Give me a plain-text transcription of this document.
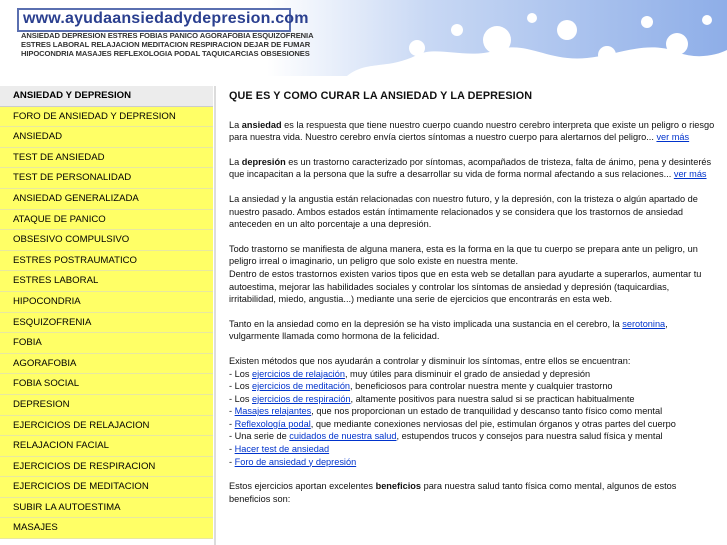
www.ayudaansiedadydepresion.com
ANSIEDAD DEPRESION ESTRES FOBIAS PANICO AGORAFOBIA ESQUIZOFRENIA
ESTRES LABORAL RELAJACION MEDITACION RESPIRACION DEJAR DE FUMAR
HIPOCONDRIA MASAJES REFLEXOLOGIA PODAL TAQUICARCIAS OBSESIONES
ANSIEDAD Y DEPRESION
FORO DE ANSIEDAD Y DEPRESION
ANSIEDAD
TEST DE ANSIEDAD
TEST DE PERSONALIDAD
ANSIEDAD GENERALIZADA
ATAQUE DE PANICO
OBSESIVO COMPULSIVO
ESTRES POSTRAUMATICO
ESTRES LABORAL
HIPOCONDRIA
ESQUIZOFRENIA
FOBIA
AGORAFOBIA
FOBIA SOCIAL
DEPRESION
EJERCICIOS DE RELAJACION
RELAJACION FACIAL
EJERCICIOS DE RESPIRACION
EJERCICIOS DE MEDITACION
SUBIR LA AUTOESTIMA
MASAJES
QUE ES Y COMO CURAR LA ANSIEDAD Y LA DEPRESION

La ansiedad es la respuesta que tiene nuestro cuerpo cuando nuestro cerebro interpreta que existe un peligro o riesgo para nuestra vida. Nuestro cerebro envía ciertos síntomas a nuestro cuerpo para alertarnos del peligro... ver más

La depresión es un trastorno caracterizado por síntomas, acompañados de tristeza, falta de ánimo, pena y desinterés que incapacitan a la persona que la sufre a desarrollar su vida de forma normal afectando a sus relaciones... ver más

La ansiedad y la angustia están relacionadas con nuestro futuro, y la depresión, con la tristeza o algún apartado de nuestro pasado. Ambos estados están íntimamente relacionados y se considera que los trastornos de ansiedad anteceden en un alto porcentaje a una depresión.

Todo trastorno se manifiesta de alguna manera, esta es la forma en la que tu cuerpo se prepara ante un peligro, un peligro irreal o imaginario, un peligro que solo existe en nuestra mente.
Dentro de estos trastornos existen varios tipos que en esta web se detallan para ayudarte a superarlos, aumentar tu autoestima, mejorar las habilidades sociales y controlar los síntomas de ansiedad y depresión (taquicardias, irritabilidad, miedo, angustia...) mediante una serie de ejercicios que encontrarás en esta web.

Tanto en la ansiedad como en la depresión se ha visto implicada una sustancia en el cerebro, la serotonina, vulgarmente llamada como hormona de la felicidad.

Existen métodos que nos ayudarán a controlar y disminuir los síntomas, entre ellos se encuentran:
- Los ejercicios de relajación, muy útiles para disminuir el grado de ansiedad y depresión
- Los ejercicios de meditación, beneficiosos para controlar nuestra mente y cualquier trastorno
- Los ejercicios de respiración, altamente positivos para nuestra salud si se practican habitualmente
- Masajes relajantes, que nos proporcionan un estado de tranquilidad y descanso tanto físico como mental
- Reflexología podal, que mediante conexiones nerviosas del pie, estimulan órganos y otras partes del cuerpo
- Una serie de cuidados de nuestra salud, estupendos trucos y consejos para nuestra salud física y mental
- Hacer test de ansiedad
- Foro de ansiedad y depresión

Estos ejercicios aportan excelentes beneficios para nuestra salud tanto física como mental, algunos de estos beneficios son:
